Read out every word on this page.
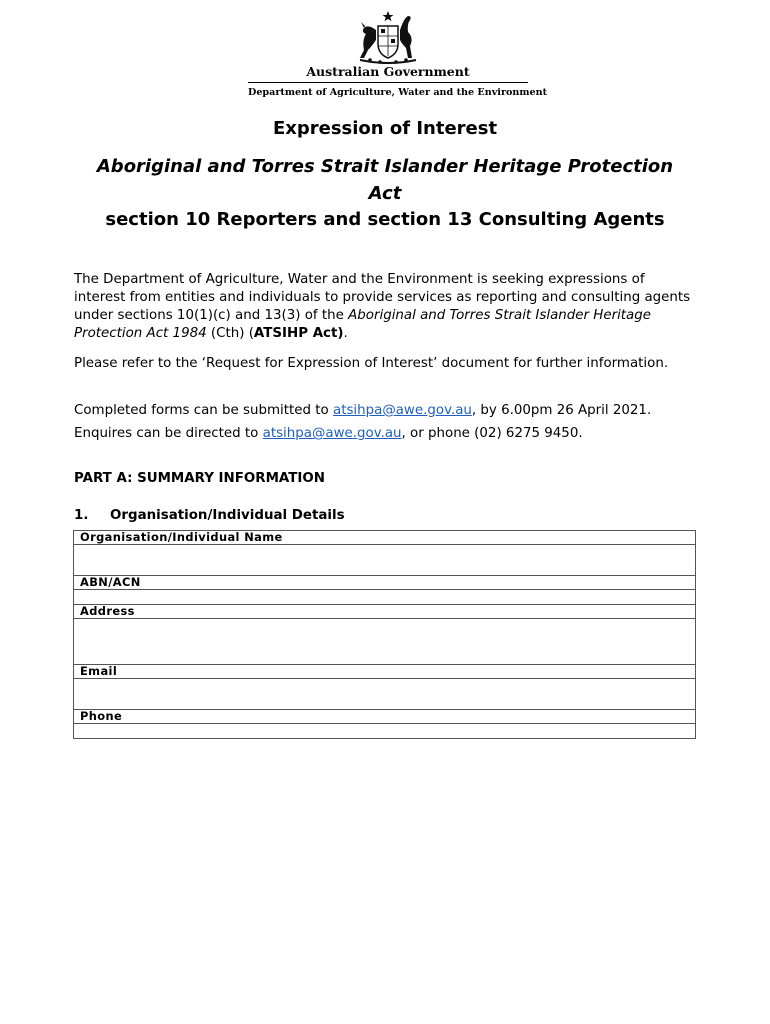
Australian Government
Department of Agriculture, Water and the Environment
Expression of Interest
Aboriginal and Torres Strait Islander Heritage Protection Act
section 10 Reporters and section 13 Consulting Agents
The Department of Agriculture, Water and the Environment is seeking expressions of interest from entities and individuals to provide services as reporting and consulting agents under sections 10(1)(c) and 13(3) of the Aboriginal and Torres Strait Islander Heritage Protection Act 1984 (Cth) (ATSIHP Act).
Please refer to the ‘Request for Expression of Interest’ document for further information.
Completed forms can be submitted to atsihpa@awe.gov.au, by 6.00pm 26 April 2021.
Enquires can be directed to atsihpa@awe.gov.au, or phone (02) 6275 9450.
PART A: SUMMARY INFORMATION
1. Organisation/Individual Details
Organisation/Individual Name

ABN/ACN

Address

Email

Phone
